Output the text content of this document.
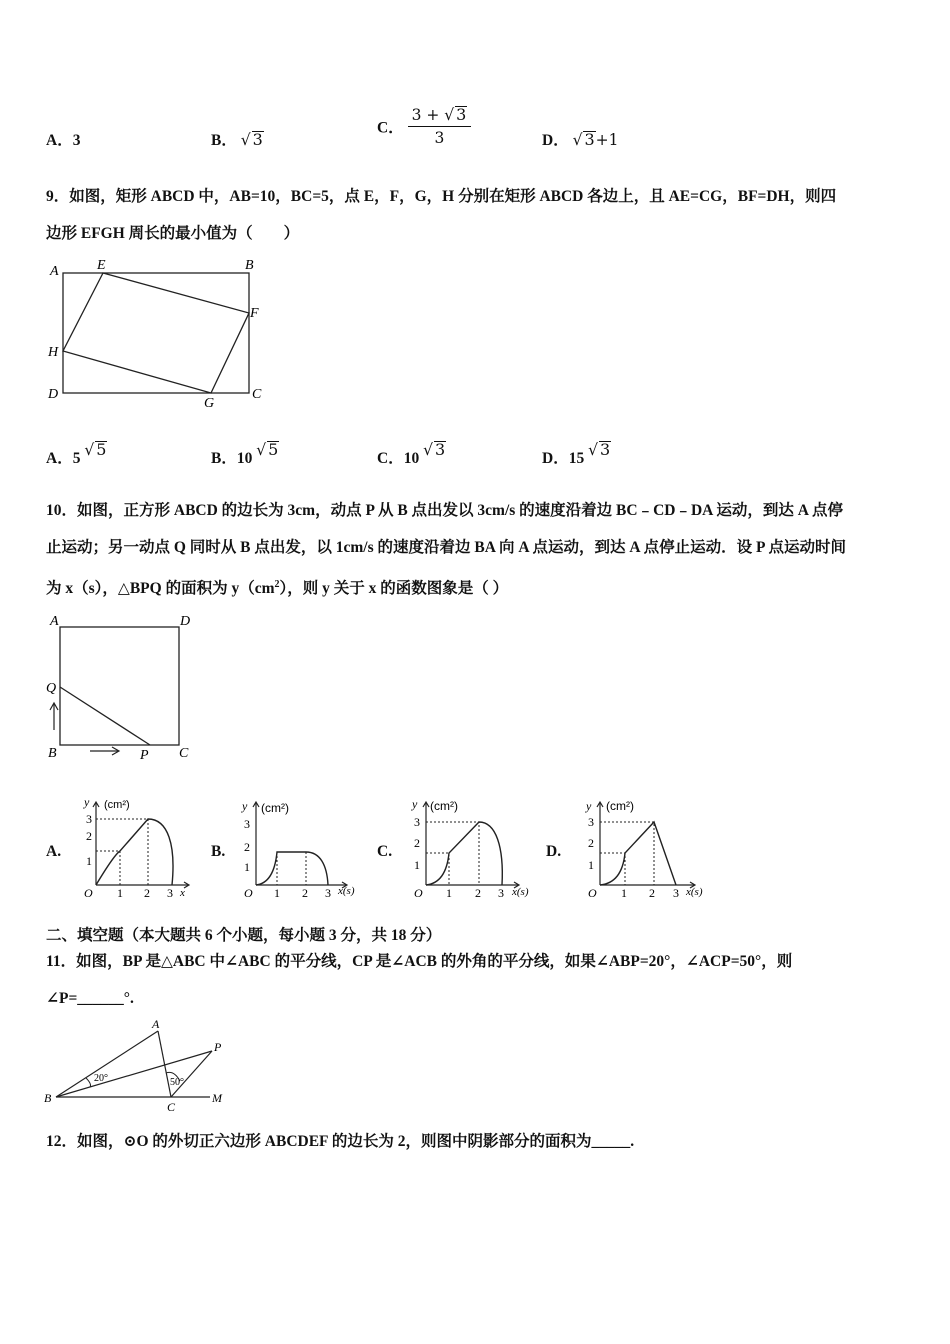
A．3	B． √ 3
C． $\frac{3 + √ 3}{3}$	D． √ 3+1
9．如图，矩形 ABCD 中，AB=10，BC=5，点 E，F，G，H 分别在矩形 ABCD 各边上，且 AE=CG，BF=DH，则四
边形 EFGH 周长的最小值为（　　）
A	E	B
F
H
D
G
C
A．5 √ 5	B．10 √ 5	C．10 √ 3	D．15 √ 3
10．如图，正方形 ABCD 的边长为 3cm，动点 P 从 B 点出发以 3cm/s 的速度沿着边 BC﹣CD﹣DA 运动，到达 A 点停
止运动；另一动点 Q 同时从 B 点出发，以 1cm/s 的速度沿着边 BA 向 A 点运动，到达 A 点停止运动．设 P 点运动时间
为 x（s），△BPQ 的面积为 $y(cm^2)$，则 y 关于 x 的函数图象是（ ）
A	D
Q
B	P C
A.
y (cm²)
x
3
2
1
O 1 2 3
B.
y (cm²)
x(s)
3
2
1
O 1 2 3
C.
y (cm²)
x(s)
3
2
1
O 1 2 3
D.
y (cm²)
x(s)
3
2
1
O 1 2 3
二、填空题（本大题共 6 个小题，每小题 3 分，共 18 分）
11．如图，BP 是△ABC 中∠ABC 的平分线，CP 是∠ACB 的外角的平分线，如果∠ABP=20°，∠ACP=50°，则
∠P=______°.
A
B
C
P
M
20°	50°
12．如图，⊙O 的外切正六边形 ABCDEF 的边长为 2，则图中阴影部分的面积为_____.
